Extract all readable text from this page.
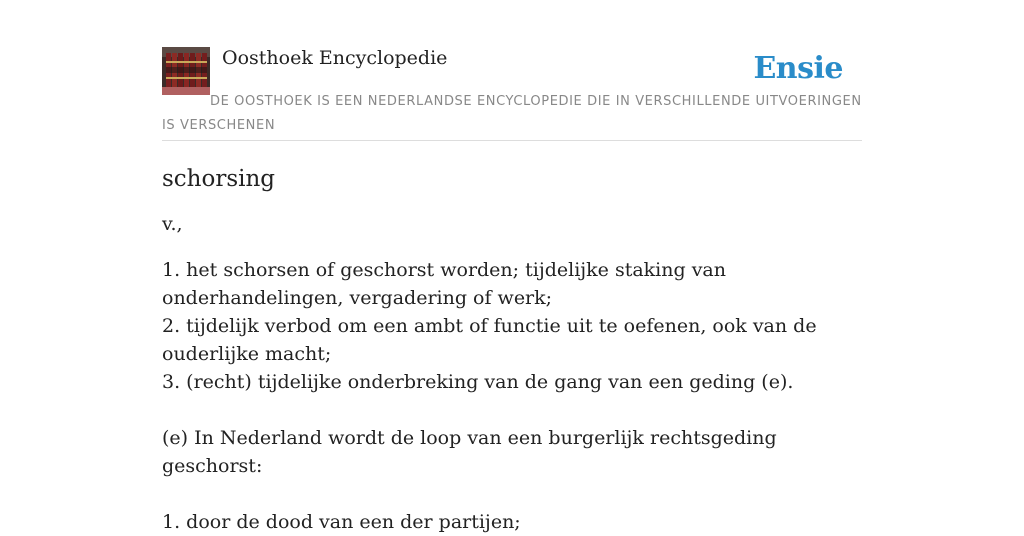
Oosthoek Encyclopedie	Ensie
DE OOSTHOEK IS EEN NEDERLANDSE ENCYCLOPEDIE DIE IN VERSCHILLENDE UITVOERINGEN IS VERSCHENEN
schorsing

v.,

1. het schorsen of geschorst worden; tijdelijke staking van onderhandelingen, vergadering of werk;
2. tijdelijk verbod om een ambt of functie uit te oefenen, ook van de ouderlijke macht;
3. (recht) tijdelijke onderbreking van de gang van een geding (e).

(e) In Nederland wordt de loop van een burgerlijk rechtsgeding geschorst:

1. door de dood van een der partijen;
